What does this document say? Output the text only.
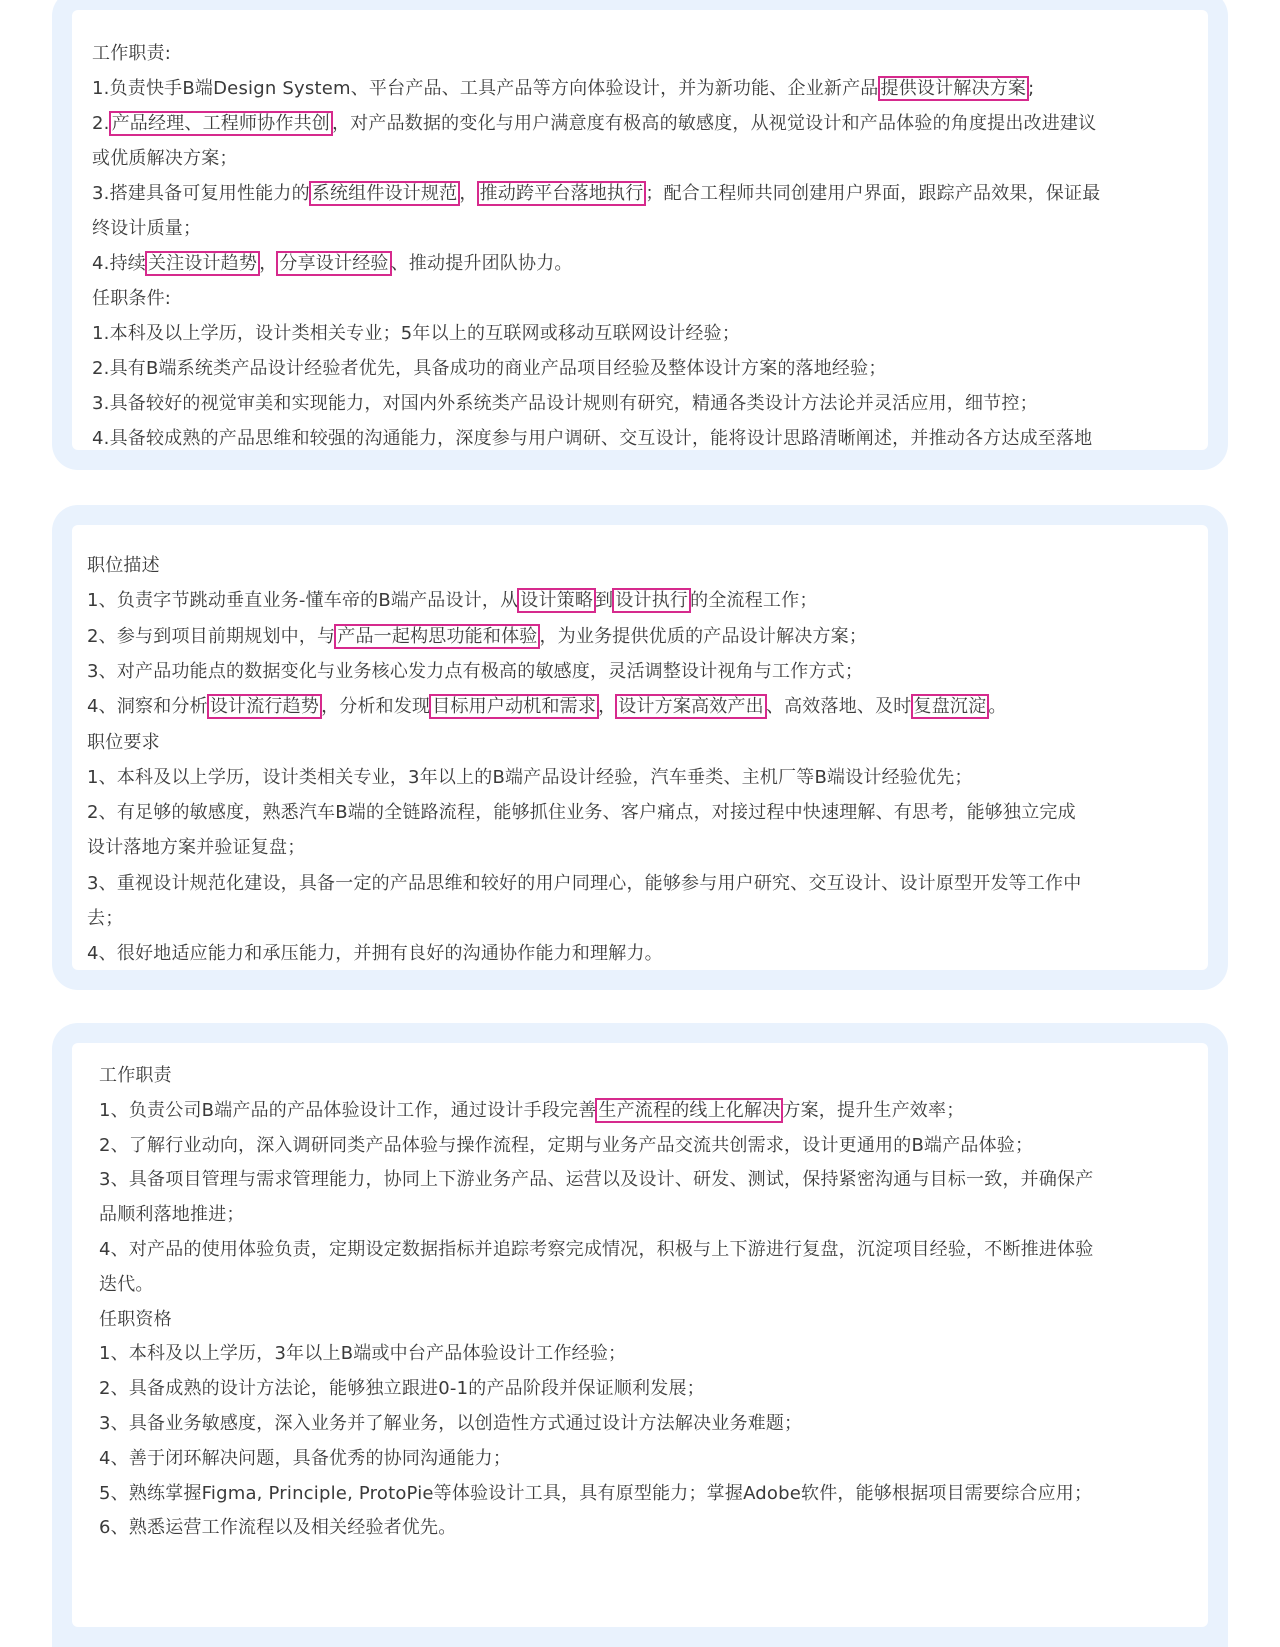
工作职责:
1.负责快手B端Design System、平台产品、工具产品等方向体验设计，并为新功能、企业新产品 提供设计解决方案 ;
2. 产品经理、工程师协作共创 ，对产品数据的变化与用户满意度有极高的敏感度，从视觉设计和产品体验的角度提出改进建议
或优质解决方案；
3.搭建具备可复用性能力的 系统组件设计规范 ， 推动跨平台落地执行 ；配合工程师共同创建用户界面，跟踪产品效果，保证最
终设计质量；
4.持续 关注设计趋势 ， 分享设计经验 、推动提升团队协力。
任职条件:
1.本科及以上学历，设计类相关专业；5年以上的互联网或移动互联网设计经验；
2.具有B端系统类产品设计经验者优先，具备成功的商业产品项目经验及整体设计方案的落地经验；
3.具备较好的视觉审美和实现能力，对国内外系统类产品设计规则有研究，精通各类设计方法论并灵活应用，细节控；
4.具备较成熟的产品思维和较强的沟通能力，深度参与用户调研、交互设计，能将设计思路清晰阐述，并推动各方达成至落地
职位描述
1、负责字节跳动垂直业务-懂车帝的B端产品设计，从 设计策略 到 设计执行 的全流程工作；
2、参与到项目前期规划中，与 产品一起构思功能和体验 ，为业务提供优质的产品设计解决方案；
3、对产品功能点的数据变化与业务核心发力点有极高的敏感度，灵活调整设计视角与工作方式；
4、洞察和分析 设计流行趋势 ，分析和发现 目标用户动机和需求 ， 设计方案高效产出 、高效落地、及时 复盘沉淀 。
职位要求
1、本科及以上学历，设计类相关专业，3年以上的B端产品设计经验，汽车垂类、主机厂等B端设计经验优先；
2、有足够的敏感度，熟悉汽车B端的全链路流程，能够抓住业务、客户痛点，对接过程中快速理解、有思考，能够独立完成
设计落地方案并验证复盘；
3、重视设计规范化建设，具备一定的产品思维和较好的用户同理心，能够参与用户研究、交互设计、设计原型开发等工作中
去；
4、很好地适应能力和承压能力，并拥有良好的沟通协作能力和理解力。
工作职责
1、负责公司B端产品的产品体验设计工作，通过设计手段完善 生产流程的线上化解决 方案，提升生产效率；
2、了解行业动向，深入调研同类产品体验与操作流程，定期与业务产品交流共创需求，设计更通用的B端产品体验；
3、具备项目管理与需求管理能力，协同上下游业务产品、运营以及设计、研发、测试，保持紧密沟通与目标一致，并确保产
品顺利落地推进；
4、对产品的使用体验负责，定期设定数据指标并追踪考察完成情况，积极与上下游进行复盘，沉淀项目经验，不断推进体验
迭代。
任职资格
1、本科及以上学历，3年以上B端或中台产品体验设计工作经验；
2、具备成熟的设计方法论，能够独立跟进0-1的产品阶段并保证顺利发展；
3、具备业务敏感度，深入业务并了解业务，以创造性方式通过设计方法解决业务难题；
4、善于闭环解决问题，具备优秀的协同沟通能力；
5、熟练掌握Figma, Principle, ProtoPie等体验设计工具，具有原型能力；掌握Adobe软件，能够根据项目需要综合应用；
6、熟悉运营工作流程以及相关经验者优先。
